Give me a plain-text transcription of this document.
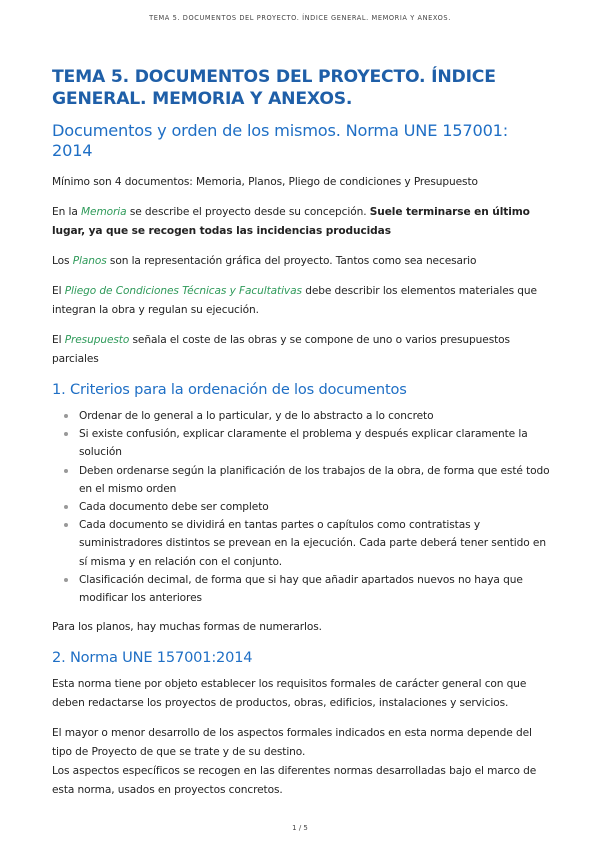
TEMA 5. DOCUMENTOS DEL PROYECTO. ÍNDICE GENERAL. MEMORIA Y ANEXOS.
TEMA 5. DOCUMENTOS DEL PROYECTO. ÍNDICE GENERAL. MEMORIA Y ANEXOS.
Documentos y orden de los mismos. Norma UNE 157001: 2014

Mínimo son 4 documentos: Memoria, Planos, Pliego de condiciones y Presupuesto

En la Memoria se describe el proyecto desde su concepción. Suele terminarse en último lugar, ya que se recogen todas las incidencias producidas

Los Planos son la representación gráfica del proyecto. Tantos como sea necesario

El Pliego de Condiciones Técnicas y Facultativas debe describir los elementos materiales que integran la obra y regulan su ejecución.

El Presupuesto señala el coste de las obras y se compone de uno o varios presupuestos parciales

1. Criterios para la ordenación de los documentos
Ordenar de lo general a lo particular, y de lo abstracto a lo concreto
Si existe confusión, explicar claramente el problema y después explicar claramente la solución
Deben ordenarse según la planificación de los trabajos de la obra, de forma que esté todo en el mismo orden
Cada documento debe ser completo
Cada documento se dividirá en tantas partes o capítulos como contratistas y suministradores distintos se prevean en la ejecución. Cada parte deberá tener sentido en sí misma y en relación con el conjunto.
Clasificación decimal, de forma que si hay que añadir apartados nuevos no haya que modificar los anteriores

Para los planos, hay muchas formas de numerarlos.

2. Norma UNE 157001:2014

Esta norma tiene por objeto establecer los requisitos formales de carácter general con que deben redactarse los proyectos de productos, obras, edificios, instalaciones y servicios.

El mayor o menor desarrollo de los aspectos formales indicados en esta norma depende del tipo de Proyecto de que se trate y de su destino.

Los aspectos específicos se recogen en las diferentes normas desarrolladas bajo el marco de esta norma, usados en proyectos concretos.

1 / 5
